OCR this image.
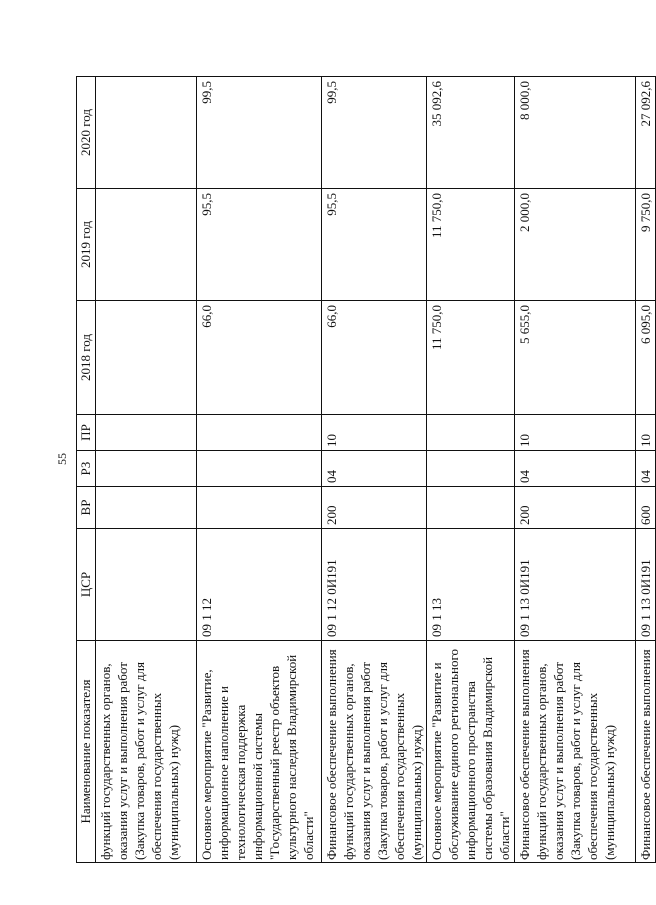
55
Наименование показателя	ЦСР	ВР	РЗ	ПР	2018 год	2019 год	2020 год
функций государственных органов, оказания услуг и выполнения работ (Закупка товаров, работ и услуг для обеспечения государственных (муниципальных) нужд)							
Основное мероприятие "Развитие, информационное наполнение и технологическая поддержка информационной системы "Государственный реестр объектов культурного наследия Владимирской области"	09 1 12				66,0	95,5	99,5
Финансовое обеспечение выполнения функций государственных органов, оказания услуг и выполнения работ (Закупка товаров, работ и услуг для обеспечения государственных (муниципальных) нужд)	09 1 12 0И191	200	04	10	66,0	95,5	99,5
Основное мероприятие "Развитие и обслуживание единого регионального информационного пространства системы образования Владимирской области"	09 1 13				11 750,0	11 750,0	35 092,6
Финансовое обеспечение выполнения функций государственных органов, оказания услуг и выполнения работ (Закупка товаров, работ и услуг для обеспечения государственных (муниципальных) нужд)	09 1 13 0И191	200	04	10	5 655,0	2 000,0	8 000,0
Финансовое обеспечение выполнения	09 1 13 0И191	600	04	10	6 095,0	9 750,0	27 092,6
